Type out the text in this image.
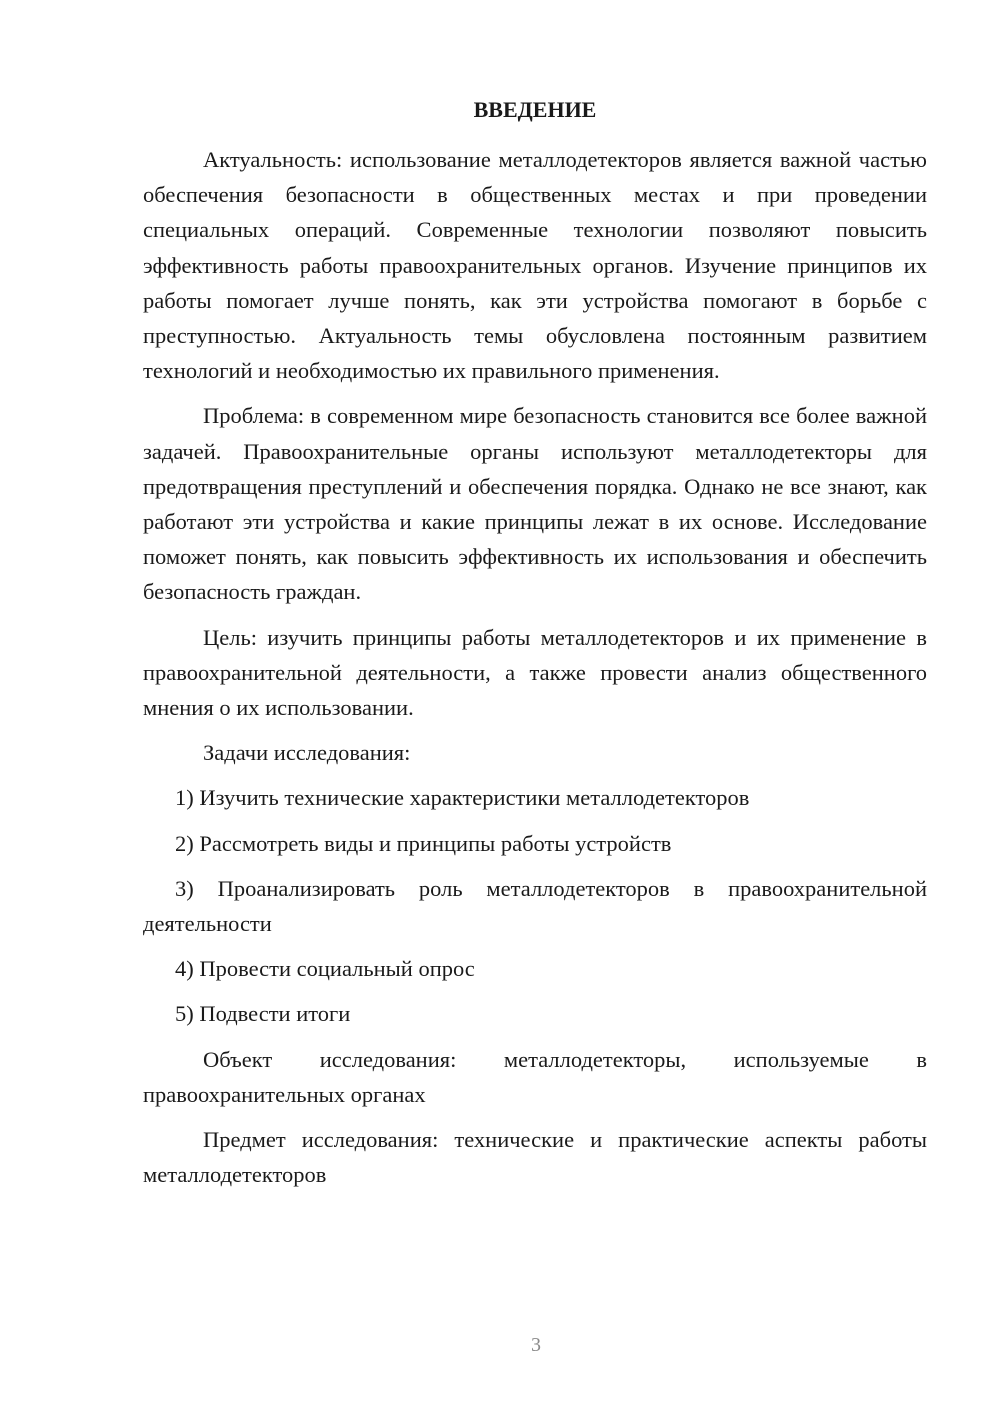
ВВЕДЕНИЕ

Актуальность: использование металлодетекторов является важной частью обеспечения безопасности в общественных местах и при проведении специальных операций. Современные технологии позволяют повысить эффективность работы правоохранительных органов. Изучение принципов их работы помогает лучше понять, как эти устройства помогают в борьбе с преступностью. Актуальность темы обусловлена постоянным развитием технологий и необходимостью их правильного применения.

Проблема: в современном мире безопасность становится все более важной задачей. Правоохранительные органы используют металлодетекторы для предотвращения преступлений и обеспечения порядка. Однако не все знают, как работают эти устройства и какие принципы лежат в их основе. Исследование поможет понять, как повысить эффективность их использования и обеспечить безопасность граждан.

Цель: изучить принципы работы металлодетекторов и их применение в правоохранительной деятельности, а также провести анализ общественного мнения о их использовании.

Задачи исследования:

1) Изучить технические характеристики металлодетекторов

2) Рассмотреть виды и принципы работы устройств

3) Проанализировать роль металлодетекторов в правоохранительной деятельности

4) Провести социальный опрос

5) Подвести итоги

Объект исследования: металлодетекторы, используемые в правоохранительных органах

Предмет исследования: технические и практические аспекты работы металлодетекторов

3
